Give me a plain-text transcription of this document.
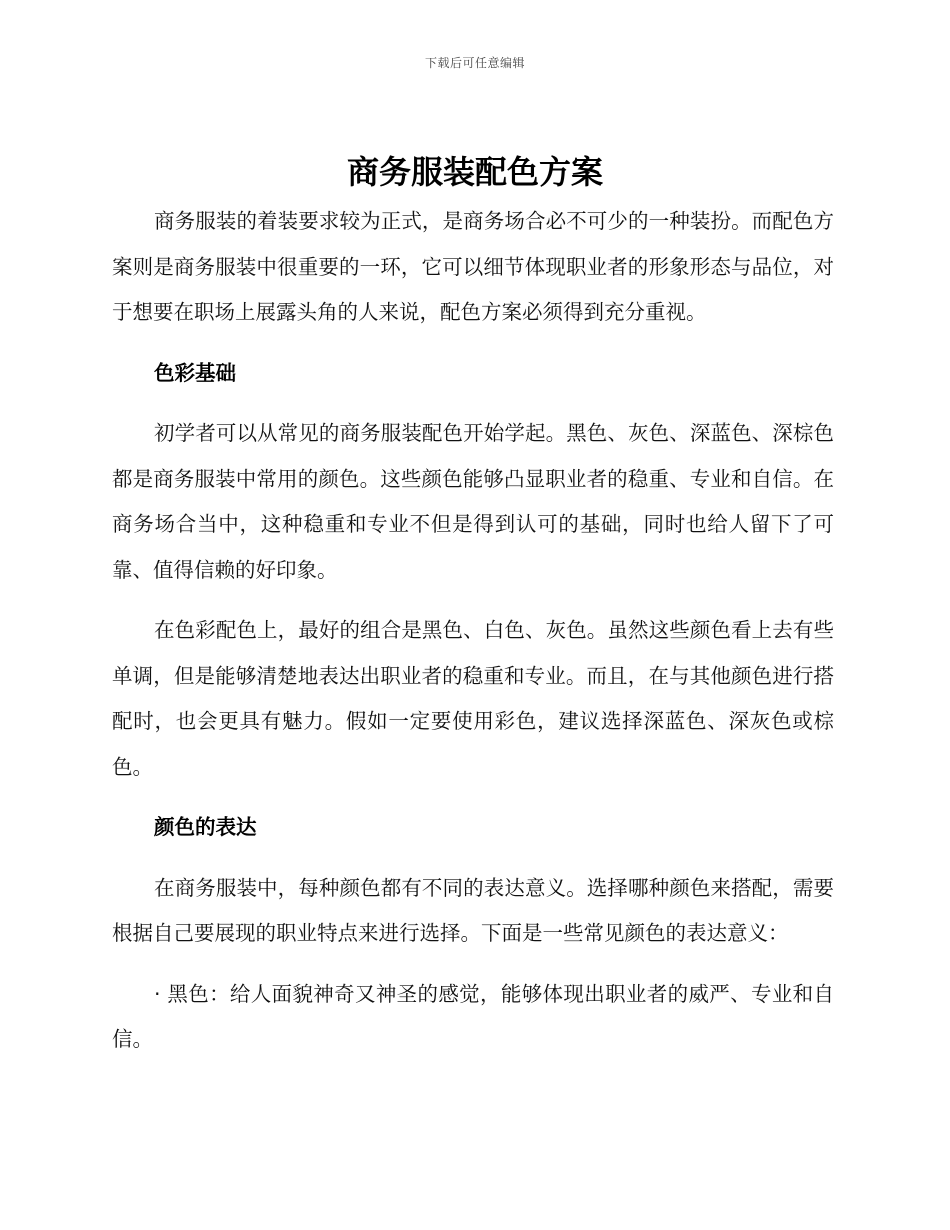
下载后可任意编辑
商务服装配色方案

商务服装的着装要求较为正式，是商务场合必不可少的一种装扮。而配色方案则是商务服装中很重要的一环，它可以细节体现职业者的形象形态与品位，对于想要在职场上展露头角的人来说，配色方案必须得到充分重视。

色彩基础

初学者可以从常见的商务服装配色开始学起。黑色、灰色、深蓝色、深棕色都是商务服装中常用的颜色。这些颜色能够凸显职业者的稳重、专业和自信。在商务场合当中，这种稳重和专业不但是得到认可的基础，同时也给人留下了可靠、值得信赖的好印象。

在色彩配色上，最好的组合是黑色、白色、灰色。虽然这些颜色看上去有些单调，但是能够清楚地表达出职业者的稳重和专业。而且，在与其他颜色进行搭配时，也会更具有魅力。假如一定要使用彩色，建议选择深蓝色、深灰色或棕色。

颜色的表达

在商务服装中，每种颜色都有不同的表达意义。选择哪种颜色来搭配，需要根据自己要展现的职业特点来进行选择。下面是一些常见颜色的表达意义：

· 黑色：给人面貌神奇又神圣的感觉，能够体现出职业者的威严、专业和自信。
